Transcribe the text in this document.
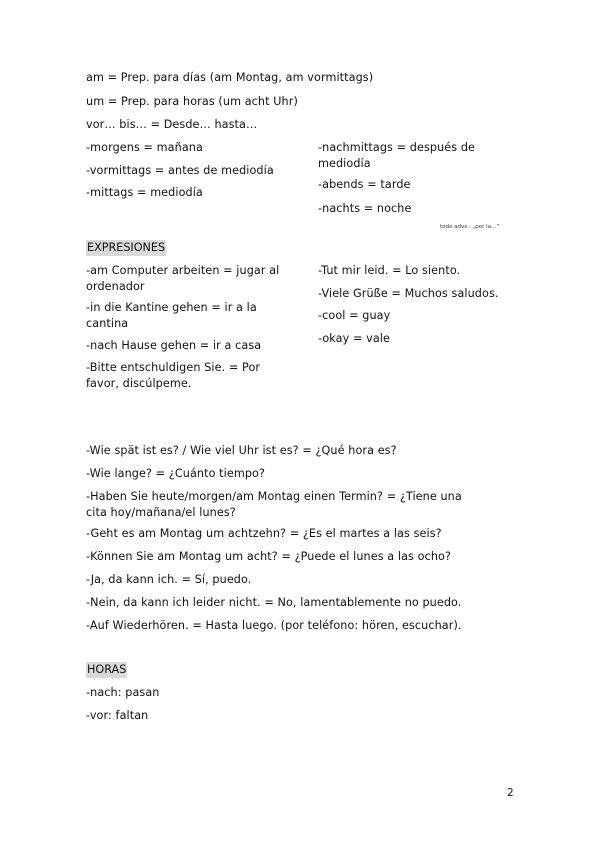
am = Prep. para días (am Montag, am vormittags)
um = Prep. para horas (um acht Uhr)
vor… bis… = Desde… hasta…
-morgens = mañana
-vormittags = antes de mediodía
-mittags = mediodía
-nachmittags = después de mediodía
-abends = tarde
-nachts = noche
todo advs.: „por la…”
EXPRESIONES
-am Computer arbeiten = jugar al ordenador
-in die Kantine gehen = ir a la cantina
-nach Hause gehen = ir a casa
-Bitte entschuldigen Sie. = Por favor, discúlpeme.
-Tut mir leid. = Lo siento.
-Viele Grüße = Muchos saludos.
-cool = guay
-okay = vale
-Wie spät ist es? / Wie viel Uhr ist es? = ¿Qué hora es?
-Wie lange? = ¿Cuánto tiempo?
-Haben Sie heute/morgen/am Montag einen Termin? = ¿Tiene una cita hoy/mañana/el lunes?
-Geht es am Montag um achtzehn? = ¿Es el martes a las seis?
-Können Sie am Montag um acht? = ¿Puede el lunes a las ocho?
-Ja, da kann ich. = Sí, puedo.
-Nein, da kann ich leider nicht. = No, lamentablemente no puedo.
-Auf Wiederhören. = Hasta luego. (por teléfono: hören, escuchar).
HORAS
-nach: pasan
-vor: faltan
2
